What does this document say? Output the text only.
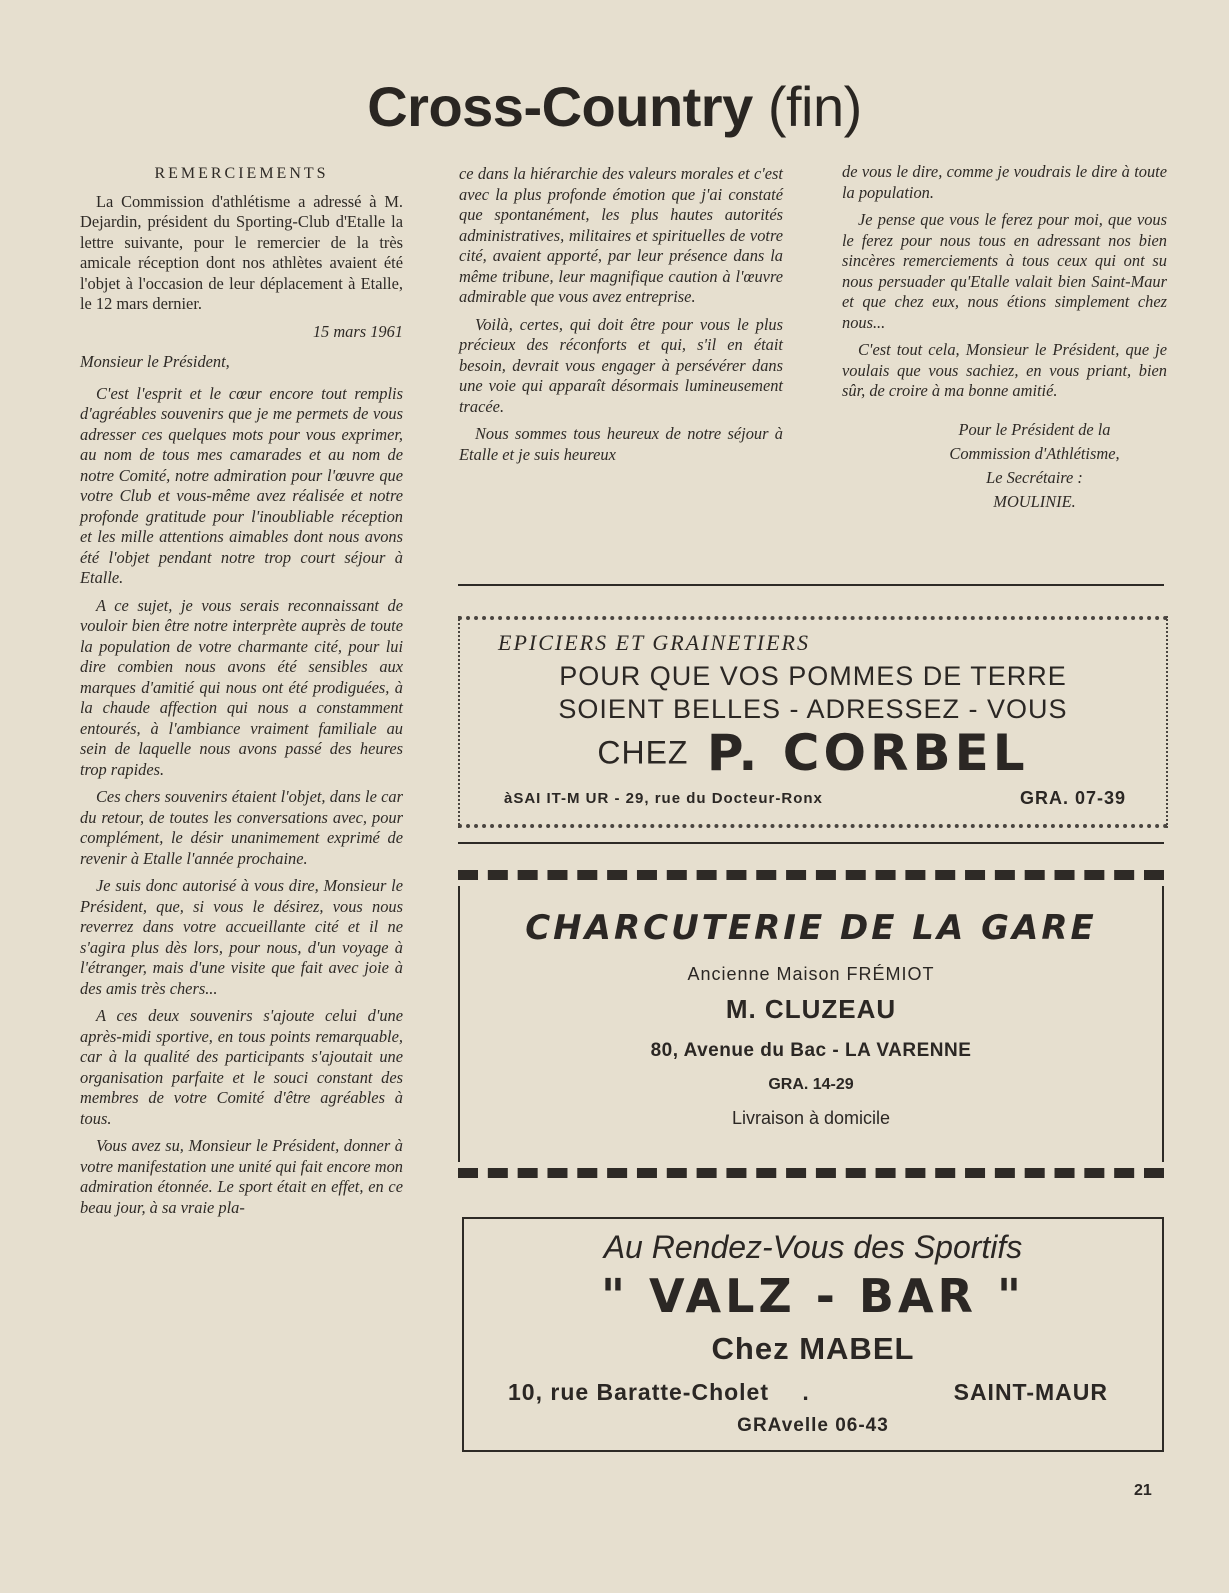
Cross-Country (fin)

REMERCIEMENTS

La Commission d'athlétisme a adressé à M. Dejardin, président du Sporting-Club d'Etalle la lettre suivante, pour le remercier de la très amicale réception dont nos athlètes avaient été l'objet à l'occasion de leur déplacement à Etalle, le 12 mars dernier.

15 mars 1961

Monsieur le Président,

C'est l'esprit et le cœur encore tout remplis d'agréables souvenirs que je me permets de vous adresser ces quelques mots pour vous exprimer, au nom de tous mes camarades et au nom de notre Comité, notre admiration pour l'œuvre que votre Club et vous-même avez réalisée et notre profonde gratitude pour l'inoubliable réception et les mille attentions aimables dont nous avons été l'objet pendant notre trop court séjour à Etalle.

A ce sujet, je vous serais reconnaissant de vouloir bien être notre interprète auprès de toute la population de votre charmante cité, pour lui dire combien nous avons été sensibles aux marques d'amitié qui nous ont été prodiguées, à la chaude affection qui nous a constamment entourés, à l'ambiance vraiment familiale au sein de laquelle nous avons passé des heures trop rapides.

Ces chers souvenirs étaient l'objet, dans le car du retour, de toutes les conversations avec, pour complément, le désir unanimement exprimé de revenir à Etalle l'année prochaine.

Je suis donc autorisé à vous dire, Monsieur le Président, que, si vous le désirez, vous nous reverrez dans votre accueillante cité et il ne s'agira plus dès lors, pour nous, d'un voyage à l'étranger, mais d'une visite que fait avec joie à des amis très chers...

A ces deux souvenirs s'ajoute celui d'une après-midi sportive, en tous points remarquable, car à la qualité des participants s'ajoutait une organisation parfaite et le souci constant des membres de votre Comité d'être agréables à tous.

Vous avez su, Monsieur le Président, donner à votre manifestation une unité qui fait encore mon admiration étonnée. Le sport était en effet, en ce beau jour, à sa vraie pla-

ce dans la hiérarchie des valeurs morales et c'est avec la plus profonde émotion que j'ai constaté que spontanément, les plus hautes autorités administratives, militaires et spirituelles de votre cité, avaient apporté, par leur présence dans la même tribune, leur magnifique caution à l'œuvre admirable que vous avez entreprise.

Voilà, certes, qui doit être pour vous le plus précieux des réconforts et qui, s'il en était besoin, devrait vous engager à persévérer dans une voie qui apparaît désormais lumineusement tracée.

Nous sommes tous heureux de notre séjour à Etalle et je suis heureux

de vous le dire, comme je voudrais le dire à toute la population.

Je pense que vous le ferez pour moi, que vous le ferez pour nous tous en adressant nos bien sincères remerciements à tous ceux qui ont su nous persuader qu'Etalle valait bien Saint-Maur et que chez eux, nous étions simplement chez nous...

C'est tout cela, Monsieur le Président, que je voulais que vous sachiez, en vous priant, bien sûr, de croire à ma bonne amitié.

Pour le Président de la

Commission d'Athlétisme,

Le Secrétaire :

MOULINIE.

EPICIERS ET GRAINETIERS
POUR QUE VOS POMMES DE TERRE
SOIENT BELLES - ADRESSEZ - VOUS
CHEZ P. CORBEL
àSAI IT-M UR - 29, rue du Docteur-Ronx	GRA. 07-39
CHARCUTERIE DE LA GARE
Ancienne Maison FRÉMIOT
M. CLUZEAU
80, Avenue du Bac - LA VARENNE
GRA. 14-29
Livraison à domicile
Au Rendez-Vous des Sportifs
" VALZ - BAR "
Chez MABEL
10, rue Baratte-Cholet .	SAINT-MAUR
GRAvelle 06-43
21
